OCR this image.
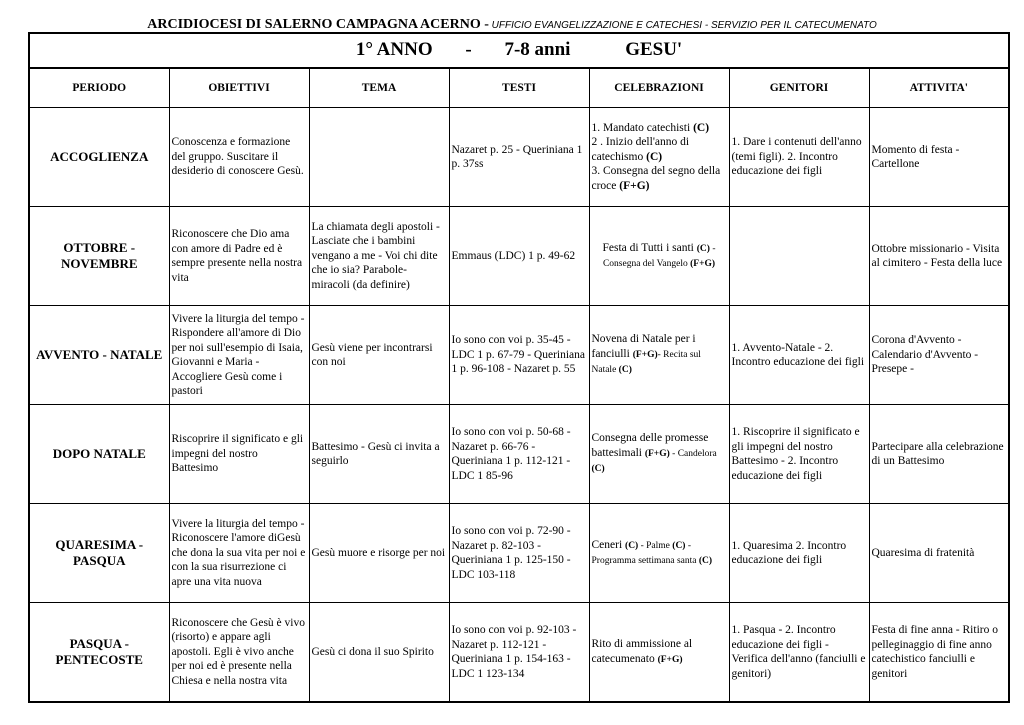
ARCIDIOCESI DI SALERNO CAMPAGNA ACERNO - UFFICIO EVANGELIZZAZIONE E CATECHESI - SERVIZIO PER IL CATECUMENATO
1° ANNO - 7-8 anni GESU'						
PERIODO	OBIETTIVI	TEMA	TESTI	CELEBRAZIONI	GENITORI	ATTIVITA'
ACCOGLIENZA	Conoscenza e formazione del gruppo. Suscitare il desiderio di conoscere Gesù.		Nazaret p. 25 - Queriniana 1 p. 37ss	1. Mandato catechisti (C)
2 . Inizio dell'anno di catechismo (C)
3. Consegna del segno della croce (F+G)	1. Dare i contenuti dell'anno (temi figli). 2. Incontro educazione dei figli	Momento di festa - Cartellone
OTTOBRE - NOVEMBRE	Riconoscere che Dio ama con amore di Padre ed è sempre presente nella nostra vita	La chiamata degli apostoli - Lasciate che i bambini vengano a me - Voi chi dite che io sia? Parabole- miracoli (da definire)	Emmaus (LDC) 1 p. 49-62	Festa di Tutti i santi (C) -
Consegna del Vangelo (F+G)		Ottobre missionario - Visita al cimitero - Festa della luce
AVVENTO - NATALE	Vivere la liturgia del tempo - Rispondere all'amore di Dio per noi sull'esempio di Isaia, Giovanni e Maria - Accogliere Gesù come i pastori	Gesù viene per incontrarsi con noi	Io sono con voi p. 35-45 - LDC 1 p. 67-79 - Queriniana 1 p. 96-108 - Nazaret p. 55	Novena di Natale per i fanciulli (F+G)- Recita sul Natale (C)	1. Avvento-Natale - 2. Incontro educazione dei figli	Corona d'Avvento - Calendario d'Avvento - Presepe -
DOPO NATALE	Riscoprire il significato e gli impegni del nostro Battesimo	Battesimo - Gesù ci invita a seguirlo	Io sono con voi p. 50-68 - Nazaret p. 66-76 - Queriniana 1 p. 112-121 - LDC 1 85-96	Consegna delle promesse battesimali (F+G) - Candelora (C)	1. Riscoprire il significato e gli impegni del nostro Battesimo - 2. Incontro educazione dei figli	Partecipare alla celebrazione di un Battesimo
QUARESIMA - PASQUA	Vivere la liturgia del tempo - Riconoscere l'amore diGesù che dona la sua vita per noi e con la sua risurrezione ci apre una vita nuova	Gesù muore e risorge per noi	Io sono con voi p. 72-90 - Nazaret p. 82-103 - Queriniana 1 p. 125-150 - LDC 103-118	Ceneri (C) - Palme (C) - Programma settimana santa (C)	1. Quaresima 2. Incontro educazione dei figli	Quaresima di fratenità
PASQUA - PENTECOSTE	Riconoscere che Gesù è vivo (risorto) e appare agli apostoli. Egli è vivo anche per noi ed è presente nella Chiesa e nella nostra vita	Gesù ci dona il suo Spirito	Io sono con voi p. 92-103 - Nazaret p. 112-121 - Queriniana 1 p. 154-163 - LDC 1 123-134	Rito di ammissione al catecumenato (F+G)	1. Pasqua - 2. Incontro educazione dei figli - Verifica dell'anno (fanciulli e genitori)	Festa di fine anna - Ritiro o pelleginaggio di fine anno catechistico fanciulli e genitori
